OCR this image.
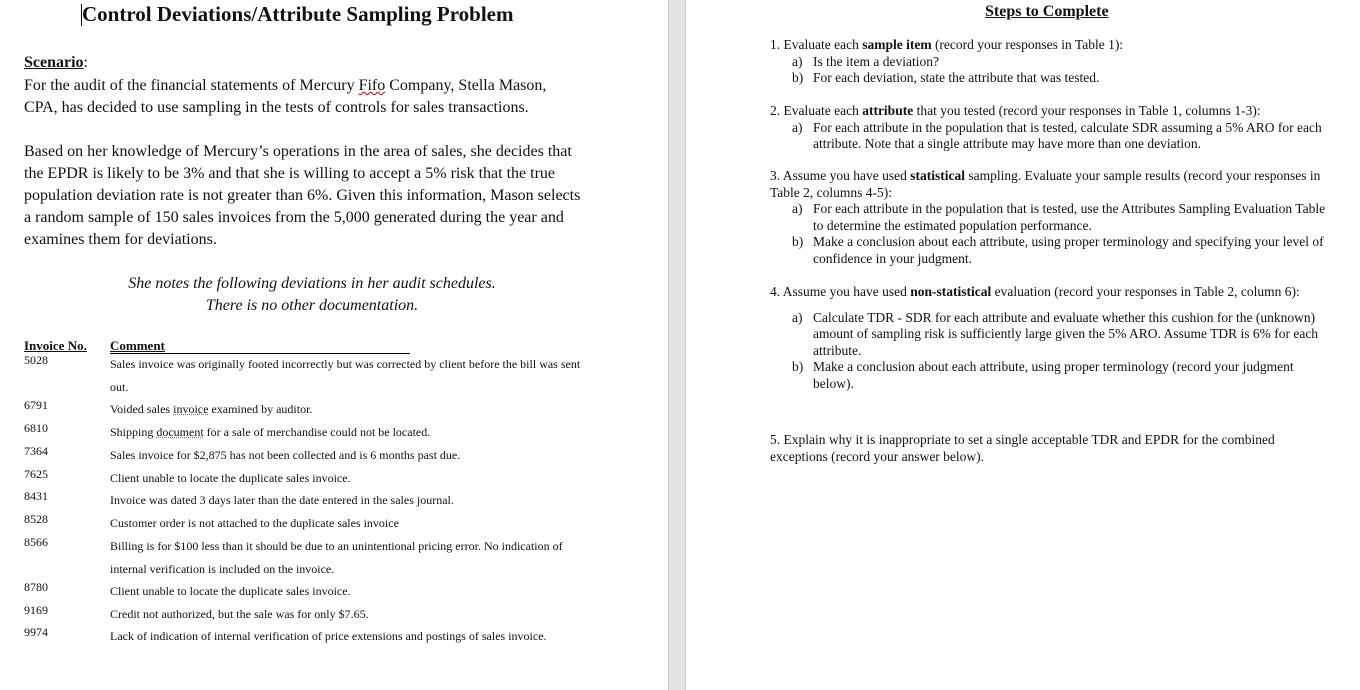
Control Deviations/Attribute Sampling Problem
Scenario:
For the audit of the financial statements of Mercury Fifo Company, Stella Mason, CPA, has decided to use sampling in the tests of controls for sales transactions.
Based on her knowledge of Mercury’s operations in the area of sales, she decides that the EPDR is likely to be 3% and that she is willing to accept a 5% risk that the true population deviation rate is not greater than 6%. Given this information, Mason selects a random sample of 150 sales invoices from the 5,000 generated during the year and examines them for deviations.
She notes the following deviations in her audit schedules.
There is no other documentation.
Invoice No. Comment
5028	Sales invoice was originally footed incorrectly but was corrected by client before the bill was sent out.
6791	Voided sales invoice examined by auditor.
6810	Shipping document for a sale of merchandise could not be located.
7364	Sales invoice for $2,875 has not been collected and is 6 months past due.
7625	Client unable to locate the duplicate sales invoice.
8431	Invoice was dated 3 days later than the date entered in the sales journal.
8528	Customer order is not attached to the duplicate sales invoice
8566	Billing is for $100 less than it should be due to an unintentional pricing error. No indication of internal verification is included on the invoice.
8780	Client unable to locate the duplicate sales invoice.
9169	Credit not authorized, but the sale was for only $7.65.
9974	Lack of indication of internal verification of price extensions and postings of sales invoice.
Steps to Complete
1. Evaluate each sample item (record your responses in Table 1):
a) Is the item a deviation?
b) For each deviation, state the attribute that was tested.
2. Evaluate each attribute that you tested (record your responses in Table 1, columns 1-3):
a) For each attribute in the population that is tested, calculate SDR assuming a 5% ARO for each attribute. Note that a single attribute may have more than one deviation.
3. Assume you have used statistical sampling. Evaluate your sample results (record your responses in Table 2, columns 4-5):
a) For each attribute in the population that is tested, use the Attributes Sampling Evaluation Table to determine the estimated population performance.
b) Make a conclusion about each attribute, using proper terminology and specifying your level of confidence in your judgment.
4. Assume you have used non-statistical evaluation (record your responses in Table 2, column 6):
a) Calculate TDR - SDR for each attribute and evaluate whether this cushion for the (unknown) amount of sampling risk is sufficiently large given the 5% ARO. Assume TDR is 6% for each attribute.
b) Make a conclusion about each attribute, using proper terminology (record your judgment below).
5. Explain why it is inappropriate to set a single acceptable TDR and EPDR for the combined exceptions (record your answer below).
